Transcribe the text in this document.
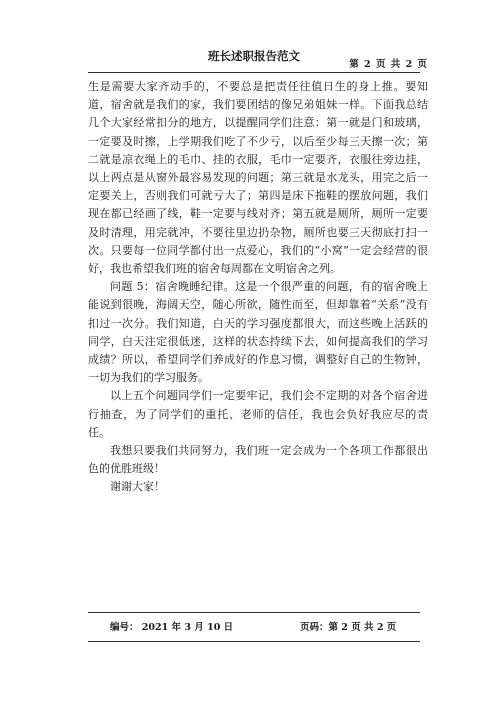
班长述职报告范文
第 2 页 共 2 页

生是需要大家齐动手的，不要总是把责任往值日生的身上推。要知道，宿舍就是我们的家，我们要团结的像兄弟姐妹一样。下面我总结几个大家经常扣分的地方，以提醒同学们注意：第一就是门和玻璃，一定要及时擦，上学期我们吃了不少亏，以后至少每三天擦一次；第二就是凉衣绳上的毛巾、挂的衣服，毛巾一定要齐，衣服往旁边挂，以上两点是从窗外最容易发现的问题；第三就是水龙头，用完之后一定要关上，否则我们可就亏大了；第四是床下拖鞋的摆放问题，我们现在都已经画了线，鞋一定要与线对齐；第五就是厕所，厕所一定要及时清理，用完就冲，不要往里边扔杂物，厕所也要三天彻底打扫一次。只要每一位同学都付出一点爱心，我们的“小窝”一定会经营的很好，我也希望我们班的宿舍每周都在文明宿舍之列。

问题 5：宿舍晚睡纪律。这是一个很严重的问题，有的宿舍晚上能说到很晚，海阔天空，随心所欲，随性而至，但却靠着“关系”没有扣过一次分。我们知道，白天的学习强度都很大，而这些晚上活跃的同学，白天注定很低迷，这样的状态持续下去，如何提高我们的学习成绩？所以，希望同学们养成好的作息习惯，调整好自己的生物钟，一切为我们的学习服务。

以上五个问题同学们一定要牢记，我们会不定期的对各个宿舍进行抽查，为了同学们的重托、老师的信任，我也会负好我应尽的责任。

我想只要我们共同努力，我们班一定会成为一个各项工作都很出色的优胜班级！

谢谢大家！

编号： 2021 年 3 月 10 日	页码：第 2 页 共 2 页
